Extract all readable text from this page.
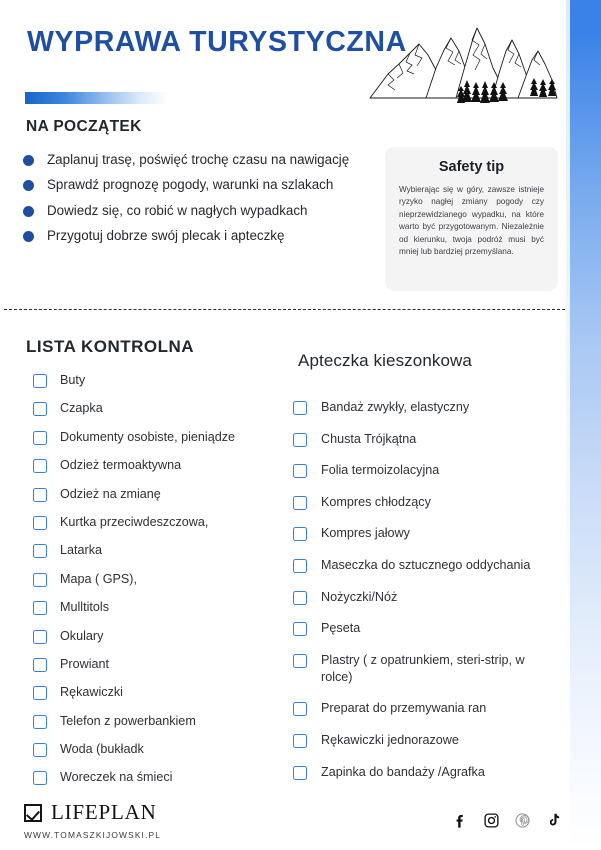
WYPRAWA TURYSTYCZNA
NA POCZĄTEK
Zaplanuj trasę, poświęć trochę czasu na nawigację
Sprawdź prognozę pogody, warunki na szlakach
Dowiedz się, co robić w nagłych wypadkach
Przygotuj dobrze swój plecak i apteczkę
Safety tip
Wybierając się w góry, zawsze istnieje ryzyko nagłej zmiany pogody czy nieprzewidzianego wypadku, na które warto być przygotowanym. Niezależnie od kierunku, twoja podróż musi być mniej lub bardziej przemyślana.
LISTA KONTROLNA
Apteczka kieszonkowa
Buty
Czapka
Dokumenty osobiste, pieniądze
Odzież termoaktywna
Odzież na zmianę
Kurtka przeciwdeszczowa,
Latarka
Mapa ( GPS),
Mulltitols
Okulary
Prowiant
Rękawiczki
Telefon z powerbankiem
Woda (bukładk
Woreczek na śmieci
Bandaż zwykły, elastyczny
Chusta Trójkątna
Folia termoizolacyjna
Kompres chłodzący
Kompres jałowy
Maseczka do sztucznego oddychania
Nożyczki/Nóż
Pęseta
Plastry ( z opatrunkiem, steri-strip, w rolce)
Preparat do przemywania ran
Rękawiczki jednorazowe
Zapinka do bandaży /Agrafka
LIFEPLAN
WWW.TOMASZKIJOWSKI.PL
